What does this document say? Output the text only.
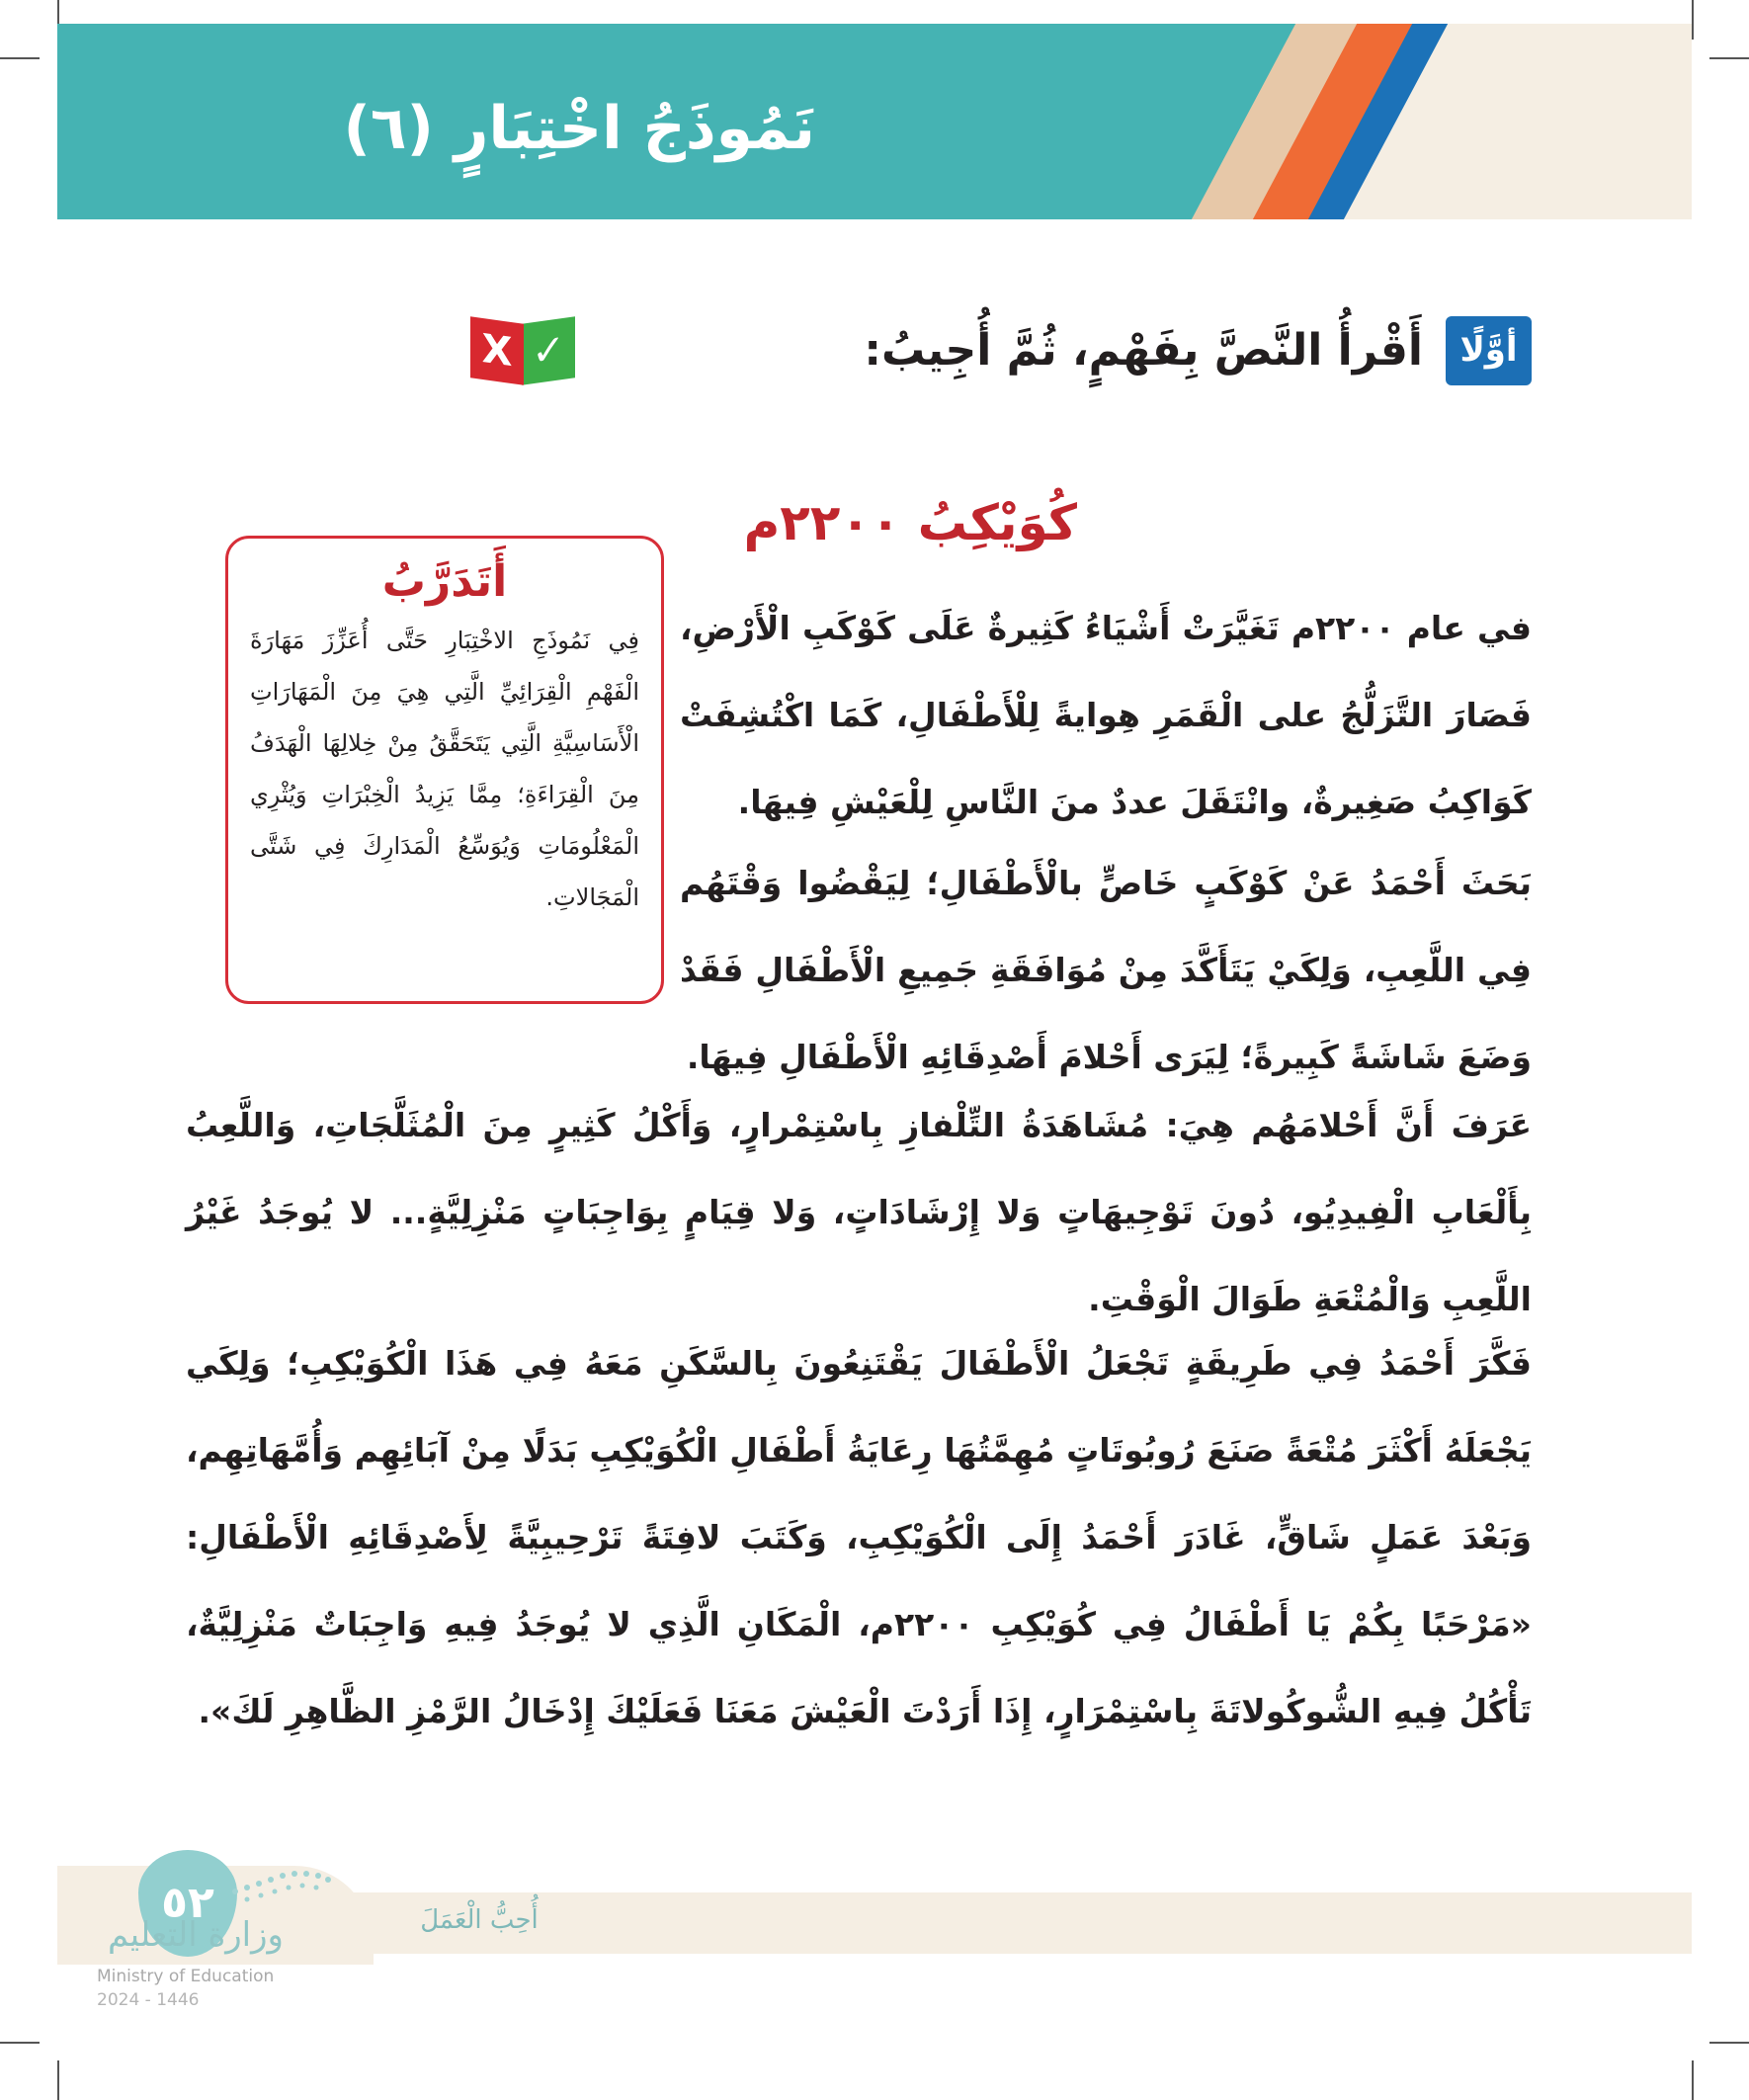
نَمُوذَجُ اخْتِبَارٍ (٦)
أوَّلًا
أَقْرأُ النَّصَّ بِفَهْمٍ، ثُمَّ أُجِيبُ:
✓
X
كُوَيْكِبُ ٢٢٠٠م
أَتَدَرَّبُ

فِي نَمُوذَجِ الاخْتِبَارِ حَتَّى أُعَزِّزَ مَهَارَةَ الْفَهْمِ الْقِرَائِيِّ الَّتِي هِيَ مِنَ الْمَهَارَاتِ الْأَسَاسِيَّةِ الَّتِي يَتَحَقَّقُ مِنْ خِلالِهَا الْهَدَفُ مِنَ الْقِرَاءَةِ؛ مِمَّا يَزِيدُ الْخِبْرَاتِ وَيُثْرِي الْمَعْلُومَاتِ وَيُوَسِّعُ الْمَدَارِكَ فِي شَتَّى الْمَجَالاتِ.

في عام ٢٢٠٠م تَغَيَّرَتْ أَشْيَاءُ كَثِيرةٌ عَلَى كَوْكَبِ الْأَرْضِ، فَصَارَ التَّزَلُّجُ على الْقَمَرِ هِوايةً لِلْأَطْفَالِ، كَمَا اكْتُشِفَتْ كَوَاكِبُ صَغِيرةٌ، وانْتَقَلَ عددٌ منَ النَّاسِ لِلْعَيْشِ فِيهَا.

بَحَثَ أَحْمَدُ عَنْ كَوْكَبٍ خَاصٍّ بالْأَطْفَالِ؛ لِيَقْضُوا وَقْتَهُم فِي اللَّعِبِ، وَلِكَيْ يَتَأَكَّدَ مِنْ مُوَافَقَةِ جَمِيعِ الْأَطْفَالِ فَقَدْ وَضَعَ شَاشَةً كَبِيرةً؛ لِيَرَى أَحْلامَ أَصْدِقَائِهِ الْأَطْفَالِ فِيهَا.

عَرَفَ أَنَّ أَحْلامَهُم هِيَ: مُشَاهَدَةُ التِّلْفازِ بِاسْتِمْرارٍ، وَأَكْلُ كَثِيرٍ مِنَ الْمُثَلَّجَاتِ، وَاللَّعِبُ بِأَلْعَابِ الْفِيدِيُو، دُونَ تَوْجِيهَاتٍ وَلا إِرْشَادَاتٍ، وَلا قِيَامٍ بِوَاجِبَاتٍ مَنْزِلِيَّةٍ... لا يُوجَدُ غَيْرُ اللَّعِبِ وَالْمُتْعَةِ طَوَالَ الْوَقْتِ.

فَكَّرَ أَحْمَدُ فِي طَرِيقَةٍ تَجْعَلُ الْأَطْفَالَ يَقْتَنِعُونَ بِالسَّكَنِ مَعَهُ فِي هَذَا الْكُوَيْكِبِ؛ وَلِكَي يَجْعَلَهُ أَكْثَرَ مُتْعَةً صَنَعَ رُوبُوتَاتٍ مُهِمَّتُهَا رِعَايَةُ أَطْفَالِ الْكُوَيْكِبِ بَدَلًا مِنْ آبَائِهِم وَأُمَّهَاتِهِم، وَبَعْدَ عَمَلٍ شَاقٍّ، غَادَرَ أَحْمَدُ إِلَى الْكُوَيْكِبِ، وَكَتَبَ لافِتَةً تَرْحِيبِيَّةً لِأَصْدِقَائِهِ الْأَطْفَالِ: «مَرْحَبًا بِكُمْ يَا أَطْفَالُ فِي كُوَيْكِبِ ٢٢٠٠م، الْمَكَانِ الَّذِي لا يُوجَدُ فِيهِ وَاجِبَاتٌ مَنْزِلِيَّةٌ، تَأْكُلُ فِيهِ الشُّوكُولاتَةَ بِاسْتِمْرَارٍ، إِذَا أَرَدْتَ الْعَيْشَ مَعَنَا فَعَلَيْكَ إِدْخَالُ الرَّمْزِ الظَّاهِرِ لَكَ».

٥٢
وزارة التعليم
Ministry of Education
2024 - 1446
أُحِبُّ الْعَمَلَ
